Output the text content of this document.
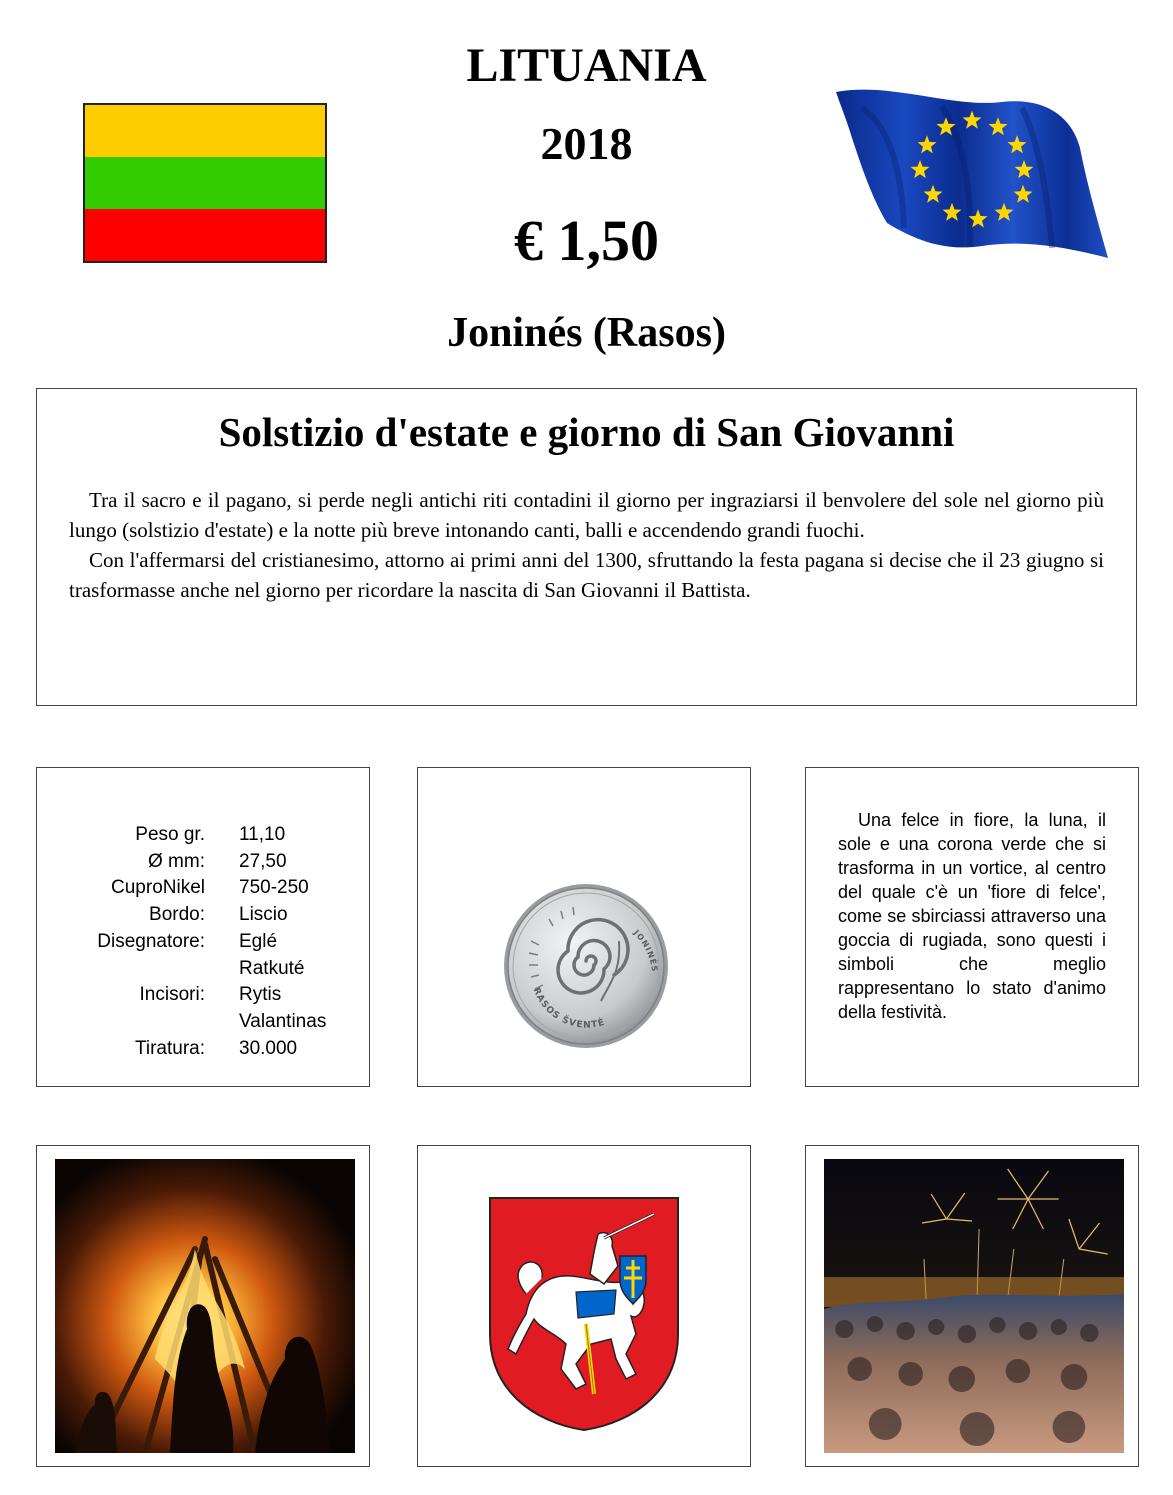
LITUANIA
2018
€ 1,50
Joninés (Rasos)
Solstizio d'estate e giorno di San Giovanni

Tra il sacro e il pagano, si perde negli antichi riti contadini il giorno per ingraziarsi il benvolere del sole nel giorno più lungo (solstizio d'estate) e la notte più breve intonando canti, balli e accendendo grandi fuochi.

Con l'affermarsi del cristianesimo, attorno ai primi anni del 1300, sfruttando la festa pagana si decise che il 23 giugno si trasformasse anche nel giorno per ricordare la nascita di San Giovanni il Battista.

Peso gr.	11,10
Ø mm:	27,50
CuproNikel	750-250
Bordo:	Liscio
Disegnatore:	Eglé
	Ratkuté
Incisori:	Rytis
	Valantinas
Tiratura:	30.000
RASOS ŠVENTĖ
JONINĖS

Una felce in fiore, la luna, il sole e una corona verde che si trasforma in un vortice, al centro del quale c'è un 'fiore di felce', come se sbirciassi attraverso una goccia di rugiada, sono questi i simboli che meglio rappresentano lo stato d'animo della festività.
